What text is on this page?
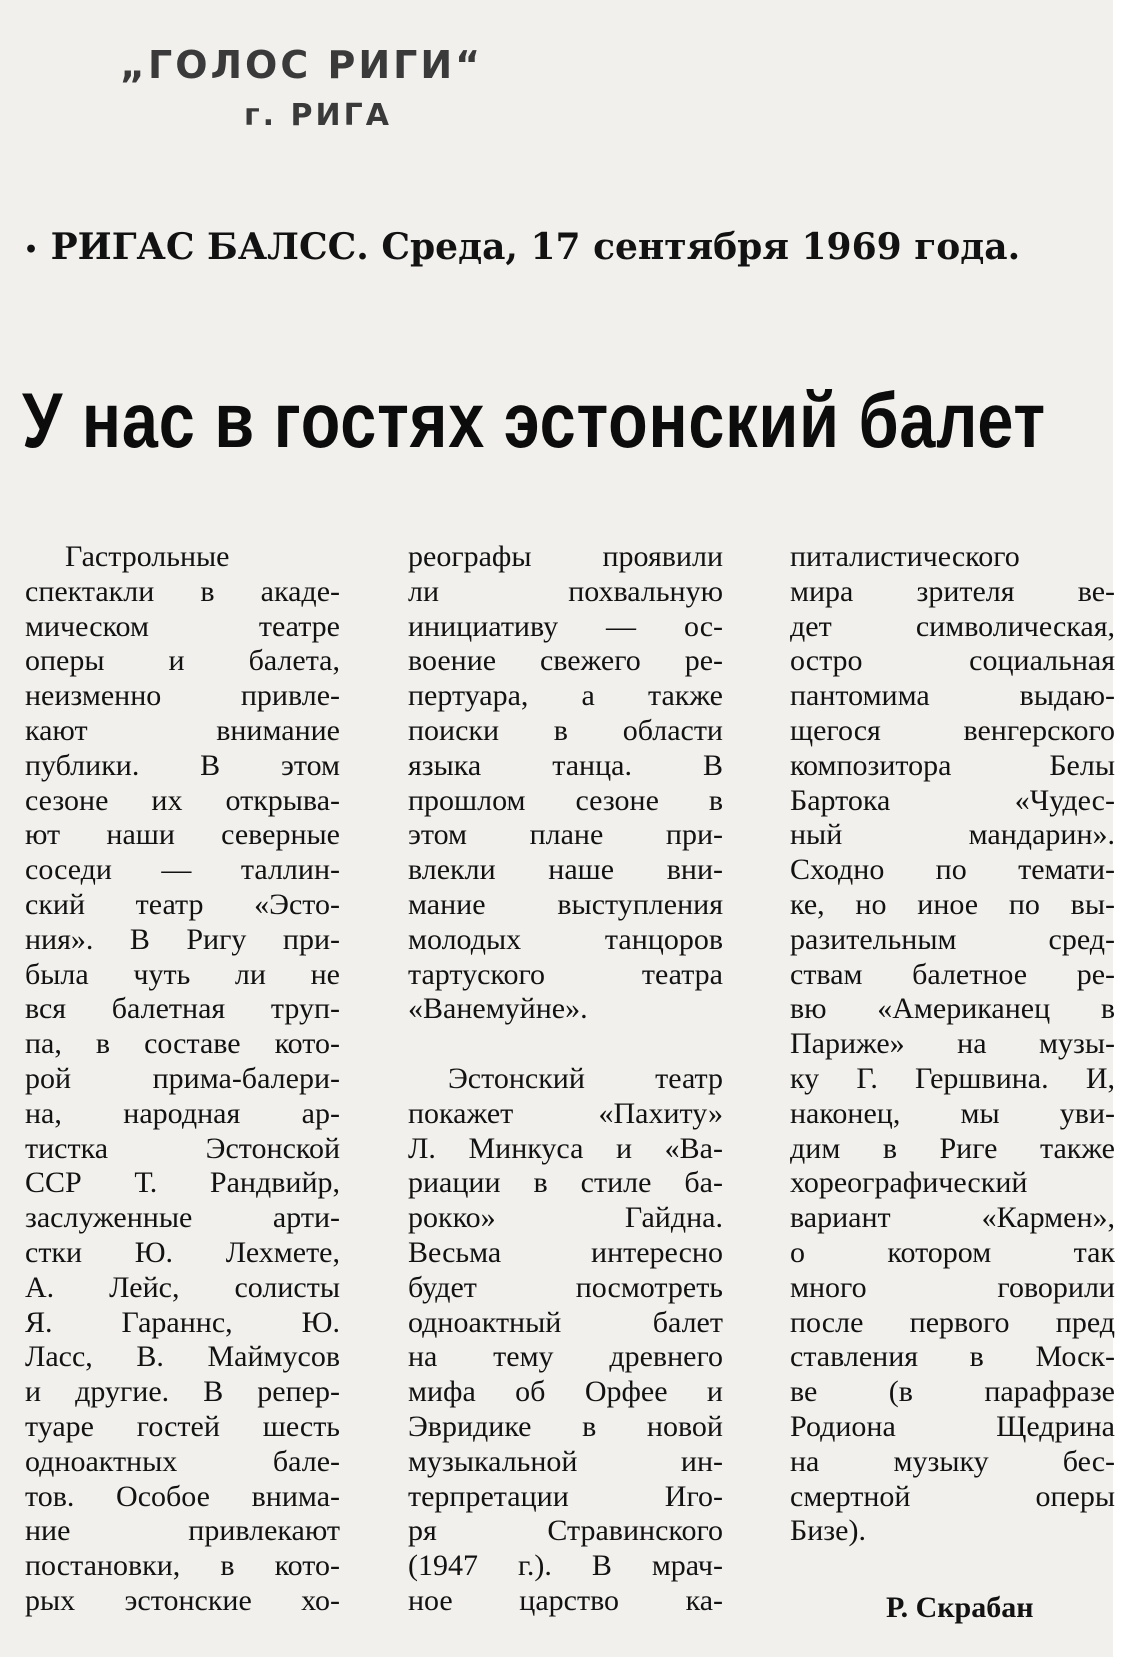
„ГОЛОС РИГИ“
г. РИГА
• РИГАС БАЛСС. Среда, 17 сентября 1969 года.
У нас в гостях эстонский балет
Гастрольные
спектакли в акаде-
мическом театре
оперы и балета,
неизменно привле-
кают внимание
публики. В этом
сезоне их открыва-
ют наши северные
соседи — таллин-
ский театр «Эсто-
ния». В Ригу при-
была чуть ли не
вся балетная труп-
па, в составе кото-
рой прима-балери-
на, народная ар-
тистка Эстонской
ССР Т. Рандвийр,
заслуженные арти-
стки Ю. Лехмете,
А. Лейс, солисты
Я. Гараннс, Ю.
Ласс, В. Маймусов
и другие. В репер-
туаре гостей шесть
одноактных бале-
тов. Особое внима-
ние привлекают
постановки, в кото-
рых эстонские хо-
реографы проявили
ли похвальную
инициативу — ос-
воение свежего ре-
пертуара, а также
поиски в области
языка танца. В
прошлом сезоне в
этом плане при-
влекли наше вни-
мание выступления
молодых танцоров
тартуского театра
«Ванемуйне».
Эстонский театр
покажет «Пахиту»
Л. Минкуса и «Ва-
риации в стиле ба-
рокко» Гайдна.
Весьма интересно
будет посмотреть
одноактный балет
на тему древнего
мифа об Орфее и
Эвридике в новой
музыкальной ин-
терпретации Иго-
ря Стравинского
(1947 г.). В мрач-
ное царство ка-
питалистического
мира зрителя ве-
дет символическая,
остро социальная
пантомима выдаю-
щегося венгерского
композитора Белы
Бартока «Чудес-
ный мандарин».
Сходно по темати-
ке, но иное по вы-
разительным сред-
ствам балетное ре-
вю «Американец в
Париже» на музы-
ку Г. Гершвина. И,
наконец, мы уви-
дим в Риге также
хореографический
вариант «Кармен»,
о котором так
много говорили
после первого пред
ставления в Моск-
ве (в парафразе
Родиона Щедрина
на музыку бес-
смертной оперы
Бизе).
Р. Скрабан
